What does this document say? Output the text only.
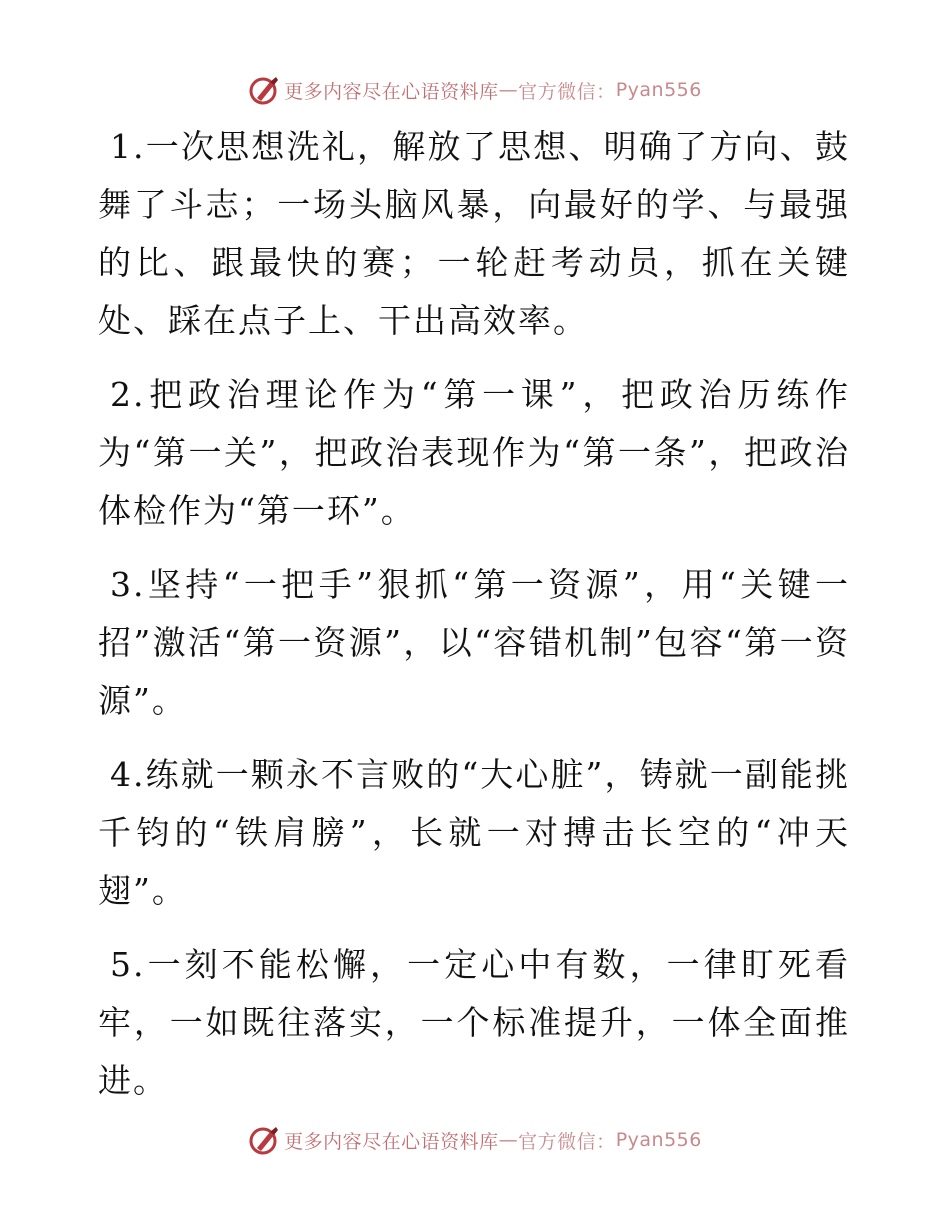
更多内容尽在心语资料库 — 官方微信： Pyan556

1.一次思想洗礼，解放了思想、明确了方向、鼓舞了斗志；一场头脑风暴，向最好的学、与最强的比、跟最快的赛；一轮赶考动员，抓在关键处、踩在点子上、干出高效率。

2.把政治理论作为“第一课”，把政治历练作为“第一关”，把政治表现作为“第一条”，把政治体检作为“第一环”。

3.坚持“一把手”狠抓“第一资源”，用“关键一招”激活“第一资源”，以“容错机制”包容“第一资源”。

4.练就一颗永不言败的“大心脏”，铸就一副能挑千钧的“铁肩膀”，长就一对搏击长空的“冲天翅”。

5.一刻不能松懈，一定心中有数，一律盯死看牢，一如既往落实，一个标准提升，一体全面推进。

更多内容尽在心语资料库 — 官方微信： Pyan556
